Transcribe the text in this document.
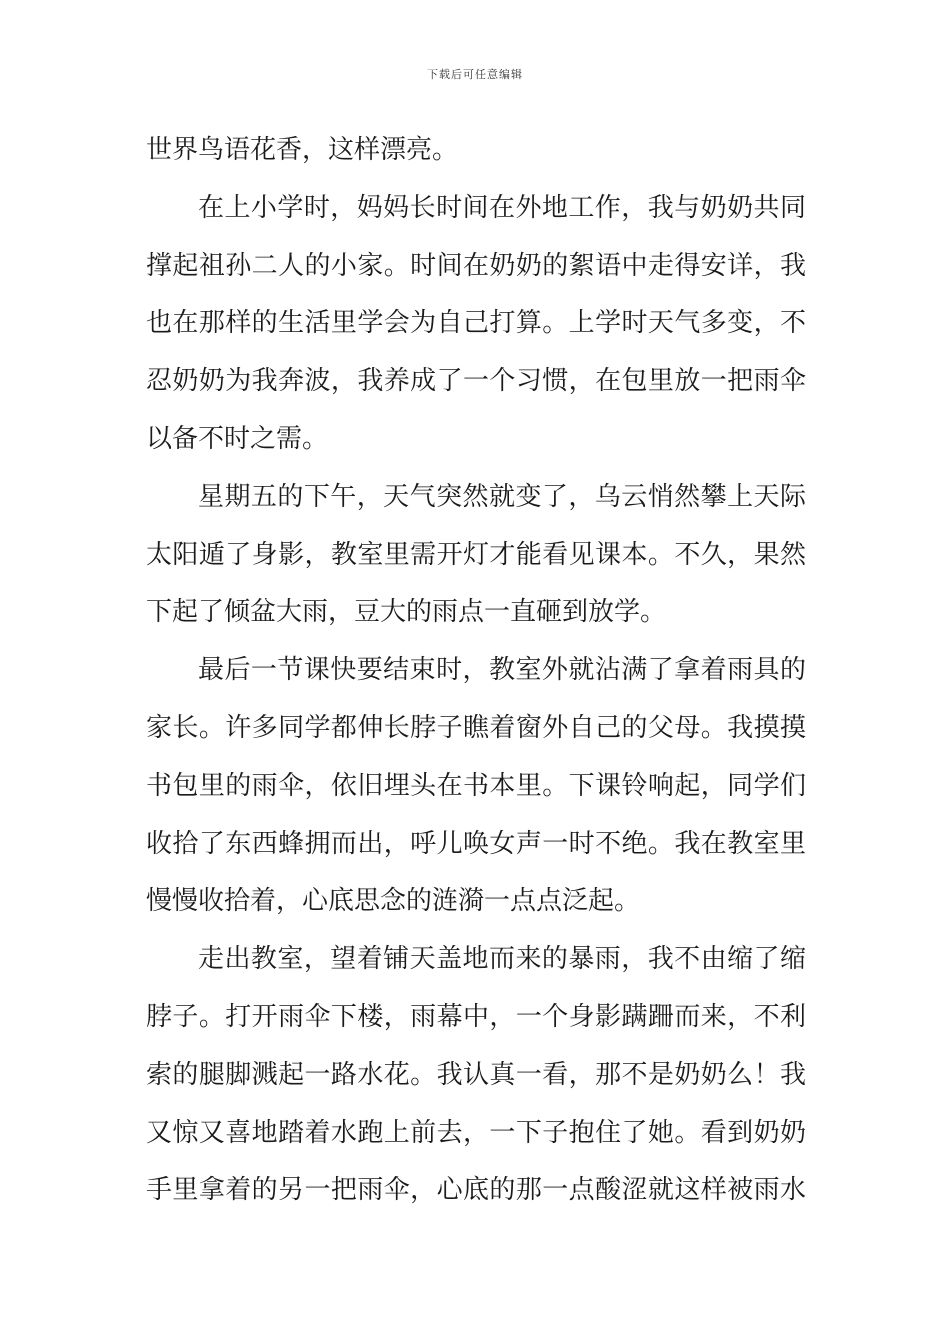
下载后可任意编辑
世界鸟语花香，这样漂亮。
在上小学时，妈妈长时间在外地工作，我与奶奶共同
撑起祖孙二人的小家。时间在奶奶的絮语中走得安详，我
也在那样的生活里学会为自己打算。上学时天气多变，不
忍奶奶为我奔波，我养成了一个习惯，在包里放一把雨伞
以备不时之需。
星期五的下午，天气突然就变了，乌云悄然攀上天际
太阳遁了身影，教室里需开灯才能看见课本。不久，果然
下起了倾盆大雨，豆大的雨点一直砸到放学。
最后一节课快要结束时，教室外就沾满了拿着雨具的
家长。许多同学都伸长脖子瞧着窗外自己的父母。我摸摸
书包里的雨伞，依旧埋头在书本里。下课铃响起，同学们
收拾了东西蜂拥而出，呼儿唤女声一时不绝。我在教室里
慢慢收拾着，心底思念的涟漪一点点泛起。
走出教室，望着铺天盖地而来的暴雨，我不由缩了缩
脖子。打开雨伞下楼，雨幕中，一个身影蹒跚而来，不利
索的腿脚溅起一路水花。我认真一看，那不是奶奶么！我
又惊又喜地踏着水跑上前去，一下子抱住了她。看到奶奶
手里拿着的另一把雨伞，心底的那一点酸涩就这样被雨水
